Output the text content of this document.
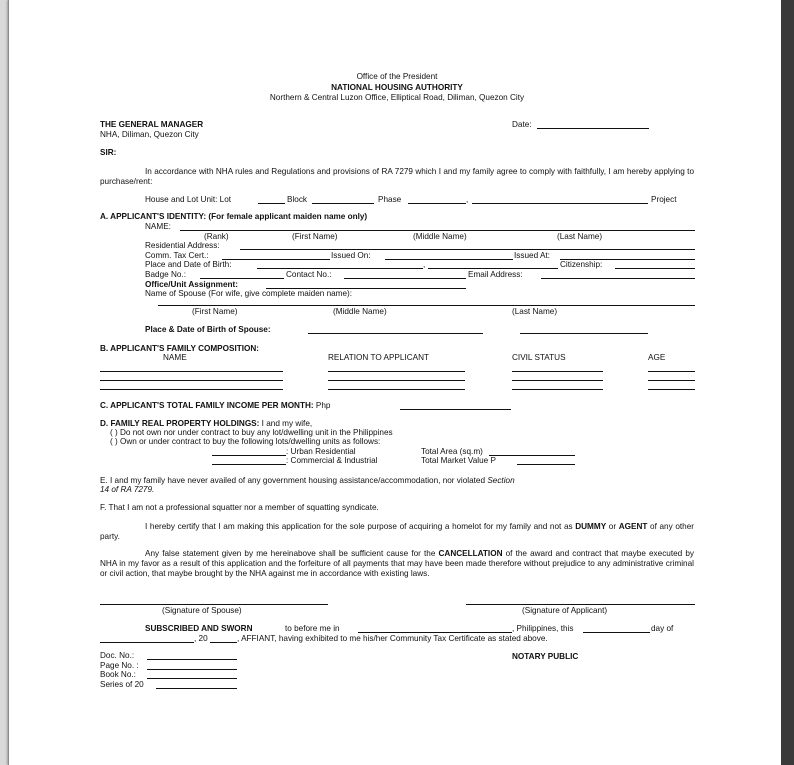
Office of the President
NATIONAL HOUSING AUTHORITY
Northern & Central Luzon Office, Elliptical Road, Diliman, Quezon City
THE GENERAL MANAGER
NHA, Diliman, Quezon City
Date:
SIR:
In accordance with NHA rules and Regulations and provisions of RA 7279 which I and my family agree to comply with faithfully, I am hereby applying to purchase/rent:
House and Lot Unit: Lot	Block	Phase	,	Project
A. APPLICANT'S IDENTITY: (For female applicant maiden name only)
NAME:
(Rank)	(First Name)	(Middle Name)	(Last Name)
Residential Address:
Comm. Tax Cert.:	Issued On:	Issued At:
Place and Date of Birth:	,	Citizenship:
Badge No.:	Contact No.:	Email Address:
Office/Unit Assignment:
Name of Spouse (For wife, give complete maiden name):
(First Name)	(Middle Name)	(Last Name)
Place & Date of Birth of Spouse:
B. APPLICANT'S FAMILY COMPOSITION:
NAME	RELATION TO APPLICANT	CIVIL STATUS	AGE
C. APPLICANT'S TOTAL FAMILY INCOME PER MONTH: Php
D. FAMILY REAL PROPERTY HOLDINGS: I and my wife,
( ) Do not own nor under contract to buy any lot/dwelling unit in the Philippines
( ) Own or under contract to buy the following lots/dwelling units as follows:
: Urban Residential	Total Area (sq.m)
: Commercial & Industrial	Total Market Value P
E. I and my family have never availed of any government housing assistance/accommodation, nor violated Section
14 of RA 7279.
F. That I am not a professional squatter nor a member of squatting syndicate.
I hereby certify that I am making this application for the sole purpose of acquiring a homelot for my family and not as DUMMY or AGENT of any other party.
Any false statement given by me hereinabove shall be sufficient cause for the CANCELLATION of the award and contract that maybe executed by NHA in my favor as a result of this application and the forfeiture of all payments that may have been made therefore without prejudice to any administrative criminal or civil action, that maybe brought by the NHA against me in accordance with existing laws.
(Signature of Spouse)	(Signature of Applicant)
SUBSCRIBED AND SWORN	to before me in	, Philippines, this	day of
, 20	, AFFIANT, having exhibited to me his/her Community Tax Certificate as stated above.
NOTARY PUBLIC
Doc. No.:
Page No. :
Book No.:
Series of 20
